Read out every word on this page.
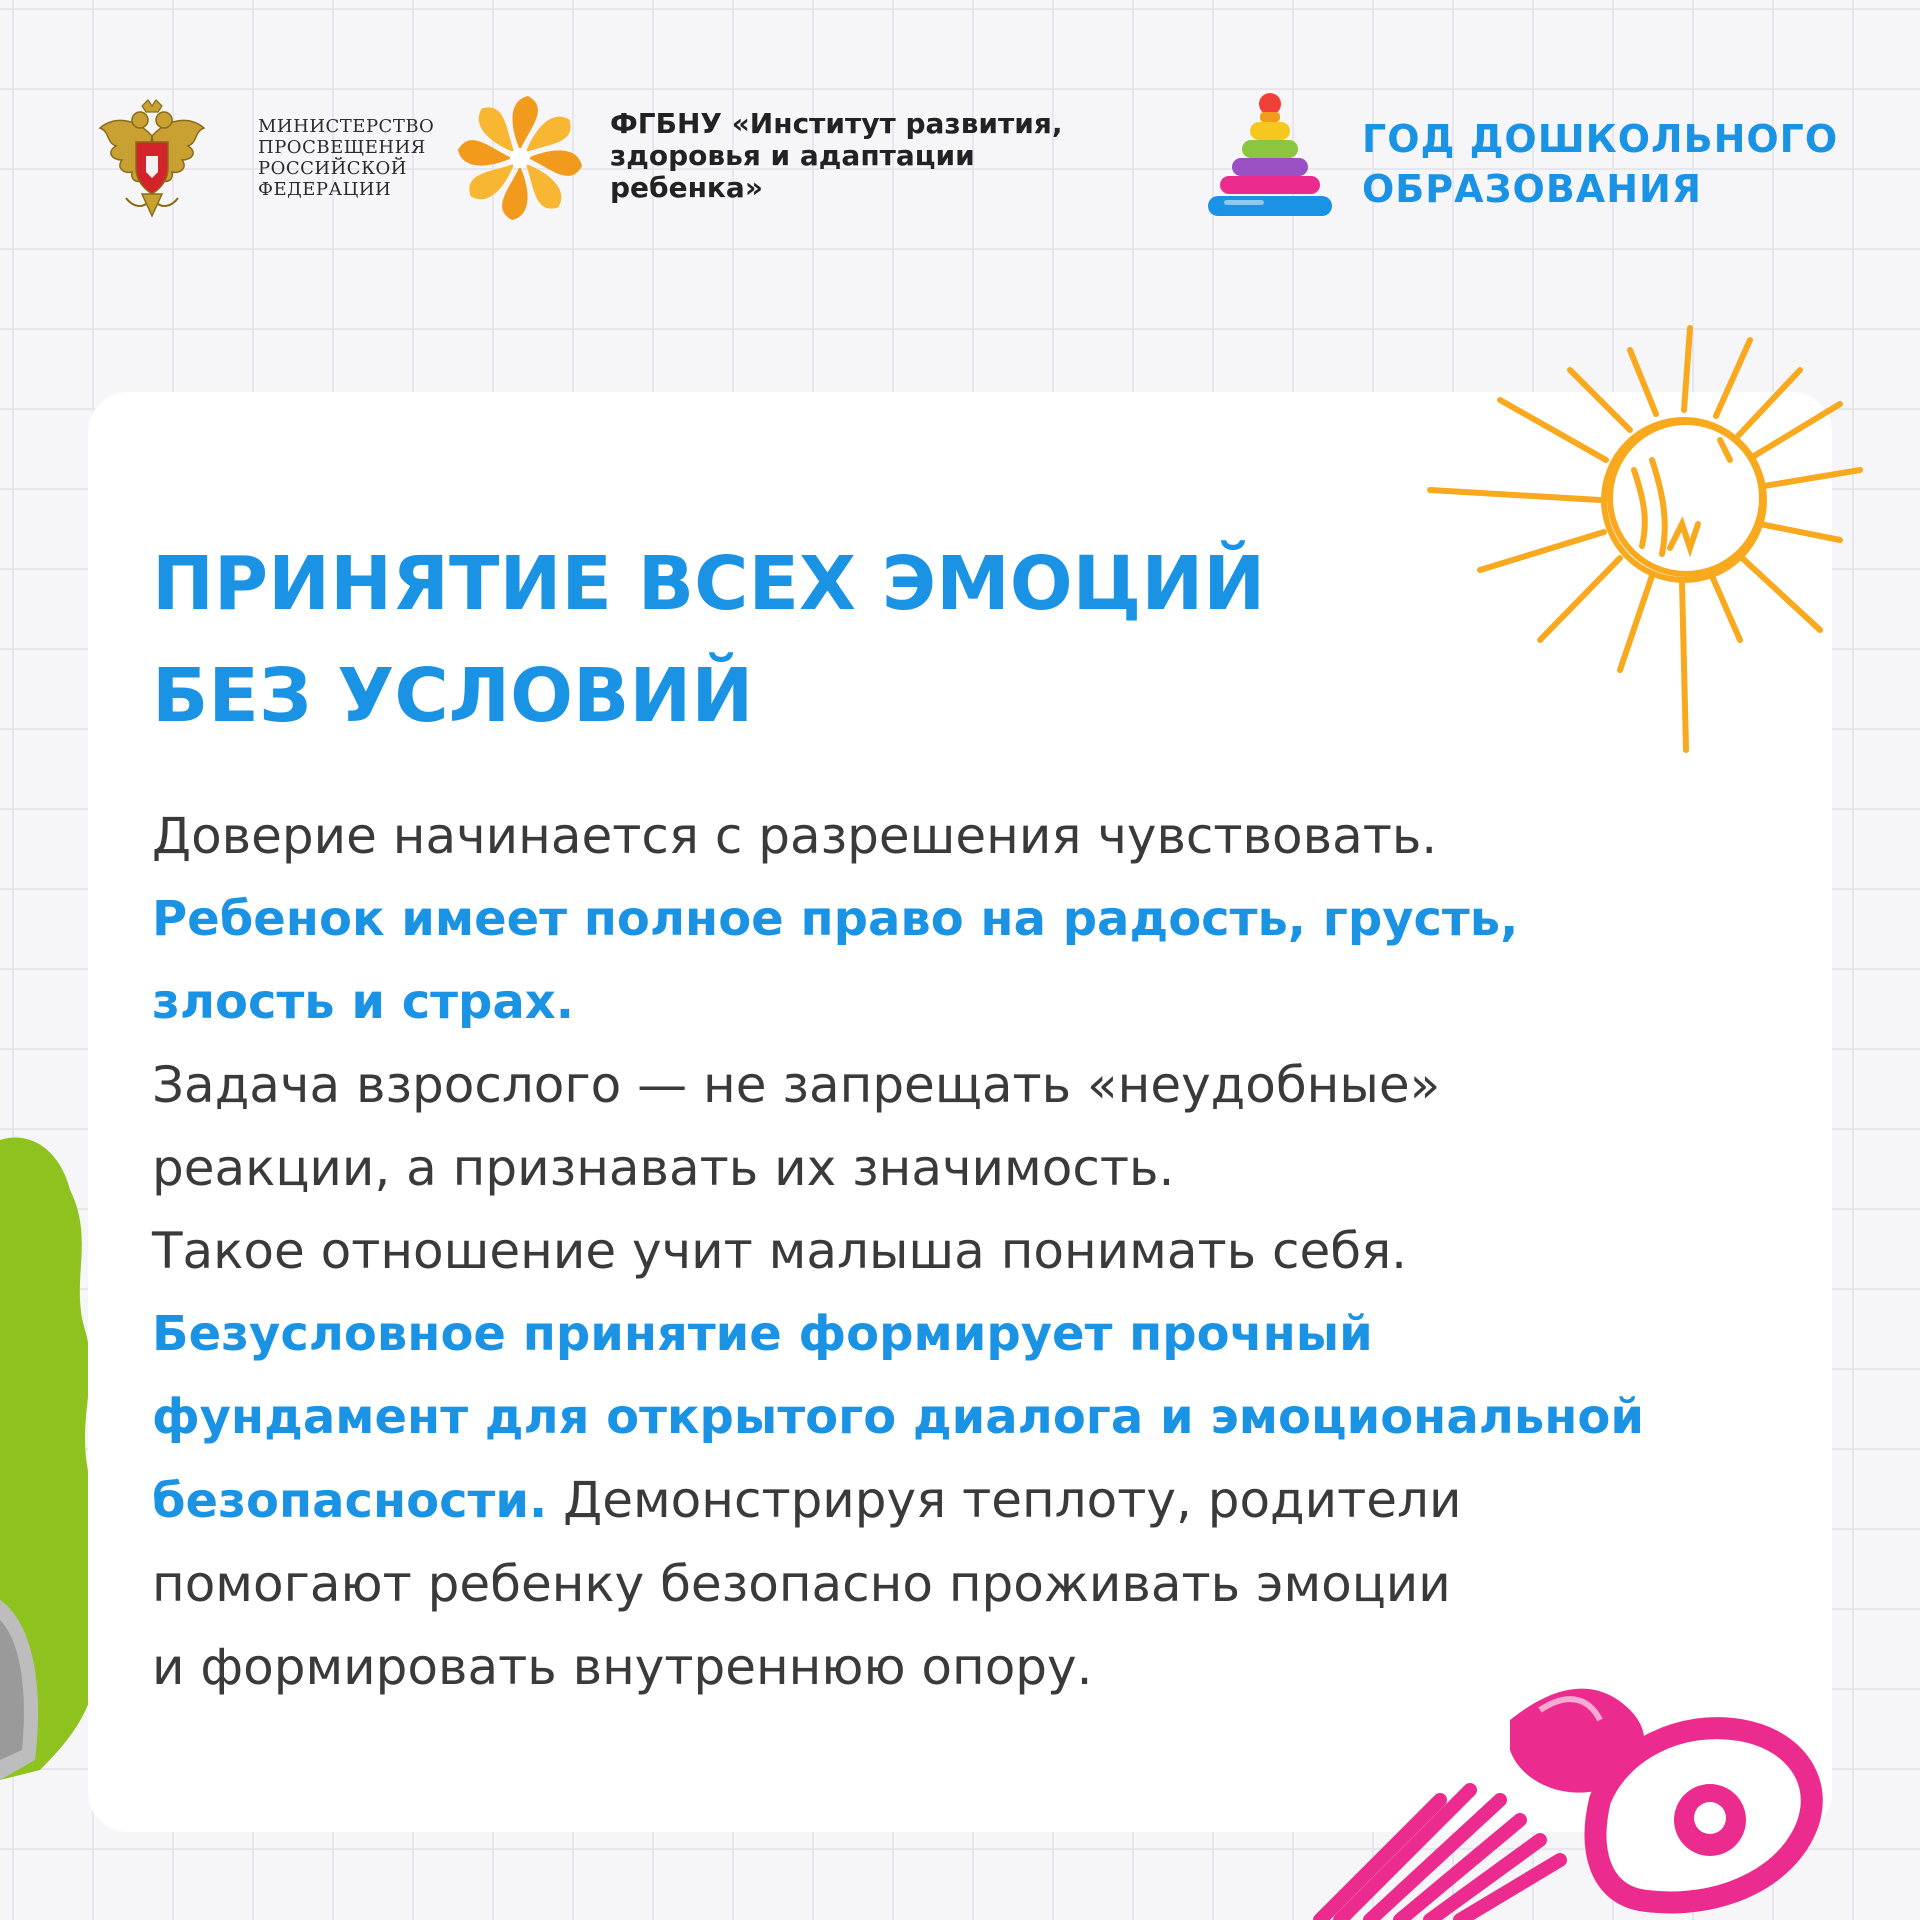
МИНИСТЕРСТВО
ПРОСВЕЩЕНИЯ
РОССИЙСКОЙ
ФЕДЕРАЦИИ
ФГБНУ «Институт развития,
здоровья и адаптации
ребенка»
ГОД ДОШКОЛЬНОГО
ОБРАЗОВАНИЯ
ПРИНЯТИЕ ВСЕХ ЭМОЦИЙ
БЕЗ УСЛОВИЙ
Доверие начинается с разрешения чувствовать.
Ребенок имеет полное право на радость, грусть,
злость и страх.
Задача взрослого — не запрещать «неудобные»
реакции, а признавать их значимость.
Такое отношение учит малыша понимать себя.
Безусловное принятие формирует прочный
фундамент для открытого диалога и эмоциональной
безопасности. Демонстрируя теплоту, родители
помогают ребенку безопасно проживать эмоции
и формировать внутреннюю опору.
